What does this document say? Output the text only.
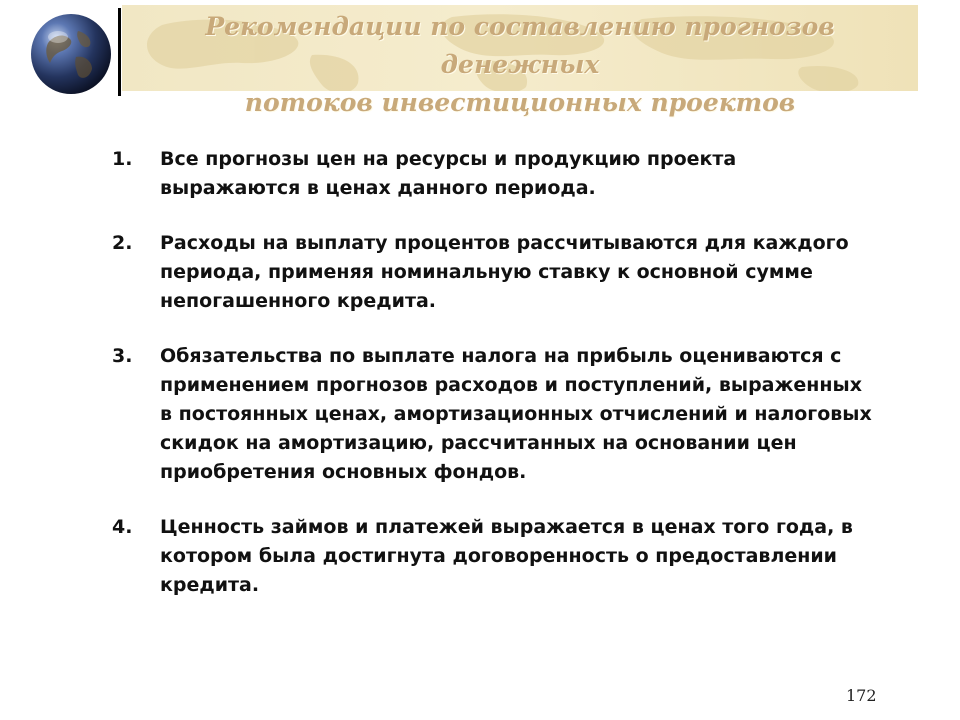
Рекомендации по составлению прогнозов денежных
потоков инвестиционных проектов
1.	Все прогнозы цен на ресурсы и продукцию проекта выражаются в ценах данного периода.
2.	Расходы на выплату процентов рассчитываются для каждого периода, применяя номинальную ставку к основной сумме непогашенного кредита.
3.	Обязательства по выплате налога на прибыль оцениваются с применением прогнозов расходов и поступлений, выраженных в постоянных ценах, амортизационных отчислений и налоговых скидок на амортизацию, рассчитанных на основании цен приобретения основных фондов.
4.	Ценность займов и платежей выражается в ценах того года, в котором была достигнута договоренность о предоставлении кредита.
172
